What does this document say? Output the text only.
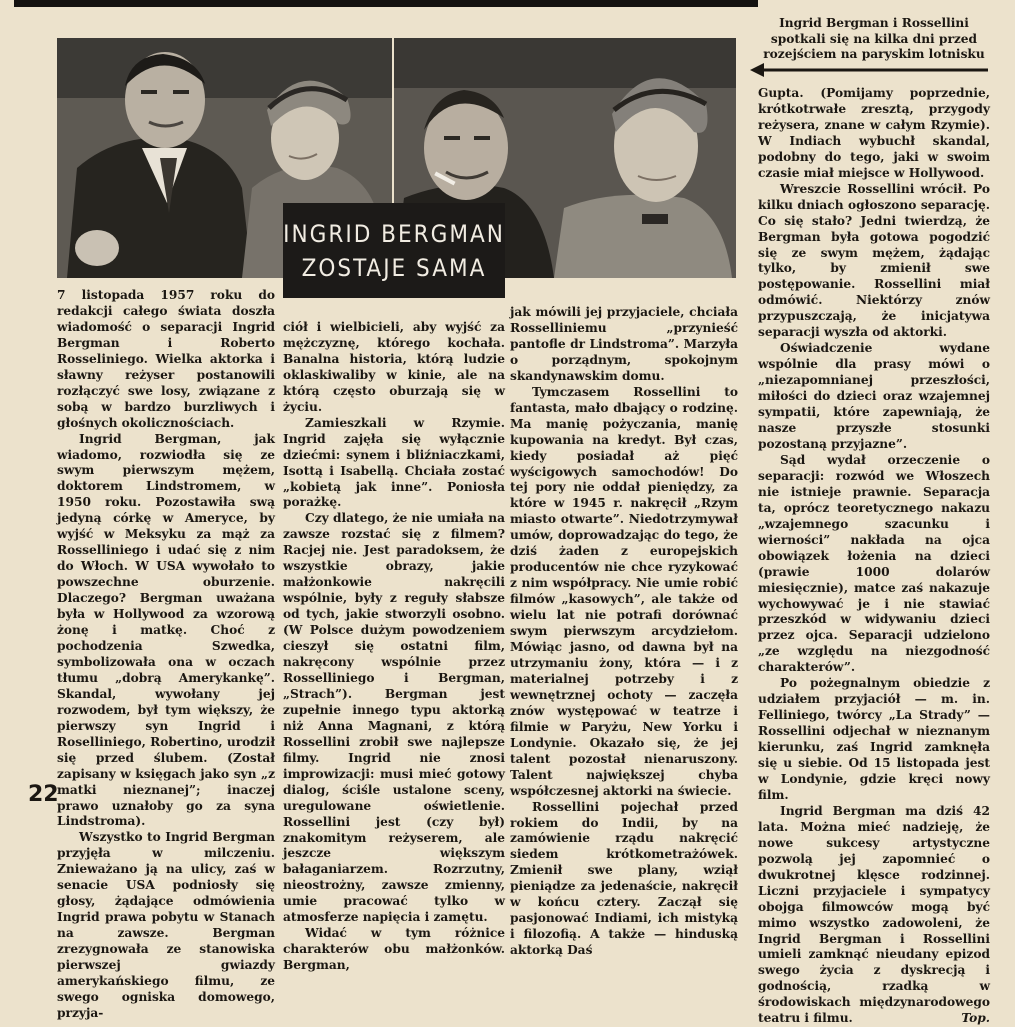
INGRID BERGMAN
ZOSTAJE SAMA
Ingrid Bergman i Rossellini spotkali się na kilka dni przed rozejściem na paryskim lotnisku

7 listopada 1957 roku do redakcji całego świata doszła wiadomość o separacji Ingrid Bergman i Roberto Rosseliniego. Wielka aktorka i sławny reżyser postanowili rozłączyć swe losy, związane z sobą w bardzo burzliwych i głośnych okolicznościach.

Ingrid Bergman, jak wiadomo, rozwiodła się ze swym pierwszym mężem, doktorem Lindstromem, w 1950 roku. Pozostawiła swą jedyną córkę w Ameryce, by wyjść w Meksyku za mąż za Rosselliniego i udać się z nim do Włoch. W USA wywołało to powszechne oburzenie. Dlaczego? Bergman uważana była w Hollywood za wzorową żonę i matkę. Choć z pochodzenia Szwedka, symbolizowała ona w oczach tłumu „dobrą Amerykankę”. Skandal, wywołany jej rozwodem, był tym większy, że pierwszy syn Ingrid i Roselliniego, Robertino, urodził się przed ślubem. (Został zapisany w księgach jako syn „z matki nieznanej”; inaczej prawo uznałoby go za syna Lindstroma).

Wszystko to Ingrid Bergman przyjęła w milczeniu. Znieważano ją na ulicy, zaś w senacie USA podniosły się głosy, żądające odmówienia Ingrid prawa pobytu w Stanach na zawsze. Bergman zrezygnowała ze stanowiska pierwszej gwiazdy amerykańskiego filmu, ze swego ogniska domowego, przyja-

ciół i wielbicieli, aby wyjść za mężczyznę, którego kochała. Banalna historia, którą ludzie oklaskiwaliby w kinie, ale na którą często oburzają się w życiu.

Zamieszkali w Rzymie. Ingrid zajęła się wyłącznie dziećmi: synem i bliźniaczkami, Isottą i Isabellą. Chciała zostać „kobietą jak inne”. Poniosła porażkę.

Czy dlatego, że nie umiała na zawsze rozstać się z filmem? Racjej nie. Jest paradoksem, że wszystkie obrazy, jakie małżonkowie nakręcili wspólnie, były z reguły słabsze od tych, jakie stworzyli osobno. (W Polsce dużym powodzeniem cieszył się ostatni film, nakręcony wspólnie przez Rosselliniego i Bergman, „Strach”). Bergman jest zupełnie innego typu aktorką niż Anna Magnani, z którą Rossellini zrobił swe najlepsze filmy. Ingrid nie znosi improwizacji: musi mieć gotowy dialog, ściśle ustalone sceny, uregulowane oświetlenie. Rossellini jest (czy był) znakomitym reżyserem, ale jeszcze większym bałaganiarzem. Rozrzutny, nieostrożny, zawsze zmienny, umie pracować tylko w atmosferze napięcia i zamętu.

Widać w tym różnice charakterów obu małżonków. Bergman,

jak mówili jej przyjaciele, chciała Rosselliniemu „przynieść pantofle dr Lindstroma”. Marzyła o porządnym, spokojnym skandynawskim domu.

Tymczasem Rossellini to fantasta, mało dbający o rodzinę. Ma manię pożyczania, manię kupowania na kredyt. Był czas, kiedy posiadał aż pięć wyścigowych samochodów! Do tej pory nie oddał pieniędzy, za które w 1945 r. nakręcił „Rzym miasto otwarte”. Niedotrzymywał umów, doprowadzając do tego, że dziś żaden z europejskich producentów nie chce ryzykować z nim współpracy. Nie umie robić filmów „kasowych”, ale także od wielu lat nie potrafi dorównać swym pierwszym arcydziełom. Mówiąc jasno, od dawna był na utrzymaniu żony, która — i z materialnej potrzeby i z wewnętrznej ochoty — zaczęła znów występować w teatrze i filmie w Paryżu, New Yorku i Londynie. Okazało się, że jej talent pozostał nienaruszony. Talent największej chyba współczesnej aktorki na świecie.

Rossellini pojechał przed rokiem do Indii, by na zamówienie rządu nakręcić siedem krótkometrażówek. Zmienił swe plany, wziął pieniądze za jedenaście, nakręcił w końcu cztery. Zaczął się pasjonować Indiami, ich mistyką i filozofią. A także — hinduską aktorką Daś

Gupta. (Pomijamy poprzednie, krótkotrwałe zresztą, przygody reżysera, znane w całym Rzymie). W Indiach wybuchł skandal, podobny do tego, jaki w swoim czasie miał miejsce w Hollywood.

Wreszcie Rossellini wrócił. Po kilku dniach ogłoszono separację. Co się stało? Jedni twierdzą, że Bergman była gotowa pogodzić się ze swym mężem, żądając tylko, by zmienił swe postępowanie. Rossellini miał odmówić. Niektórzy znów przypuszczają, że inicjatywa separacji wyszła od aktorki.

Oświadczenie wydane wspólnie dla prasy mówi o „niezapomnianej przeszłości, miłości do dzieci oraz wzajemnej sympatii, które zapewniają, że nasze przyszłe stosunki pozostaną przyjazne”.

Sąd wydał orzeczenie o separacji: rozwód we Włoszech nie istnieje prawnie. Separacja ta, oprócz teoretycznego nakazu „wzajemnego szacunku i wierności” nakłada na ojca obowiązek łożenia na dzieci (prawie 1000 dolarów miesięcznie), matce zaś nakazuje wychowywać je i nie stawiać przeszkód w widywaniu dzieci przez ojca. Separacji udzielono „ze względu na niezgodność charakterów”.

Po pożegnalnym obiedzie z udziałem przyjaciół — m. in. Felliniego, twórcy „La Strady” — Rossellini odjechał w nieznanym kierunku, zaś Ingrid zamknęła się u siebie. Od 15 listopada jest w Londynie, gdzie kręci nowy film.

Ingrid Bergman ma dziś 42 lata. Można mieć nadzieję, że nowe sukcesy artystyczne pozwolą jej zapomnieć o dwukrotnej klęsce rodzinnej. Liczni przyjaciele i sympatycy obojga filmowców mogą być mimo wszystko zadowoleni, że Ingrid Bergman i Rossellini umieli zamknąć nieudany epizod swego życia z dyskrecją i godnością, rzadką w środowiskach międzynarodowego teatru i filmu.	Top.

22
